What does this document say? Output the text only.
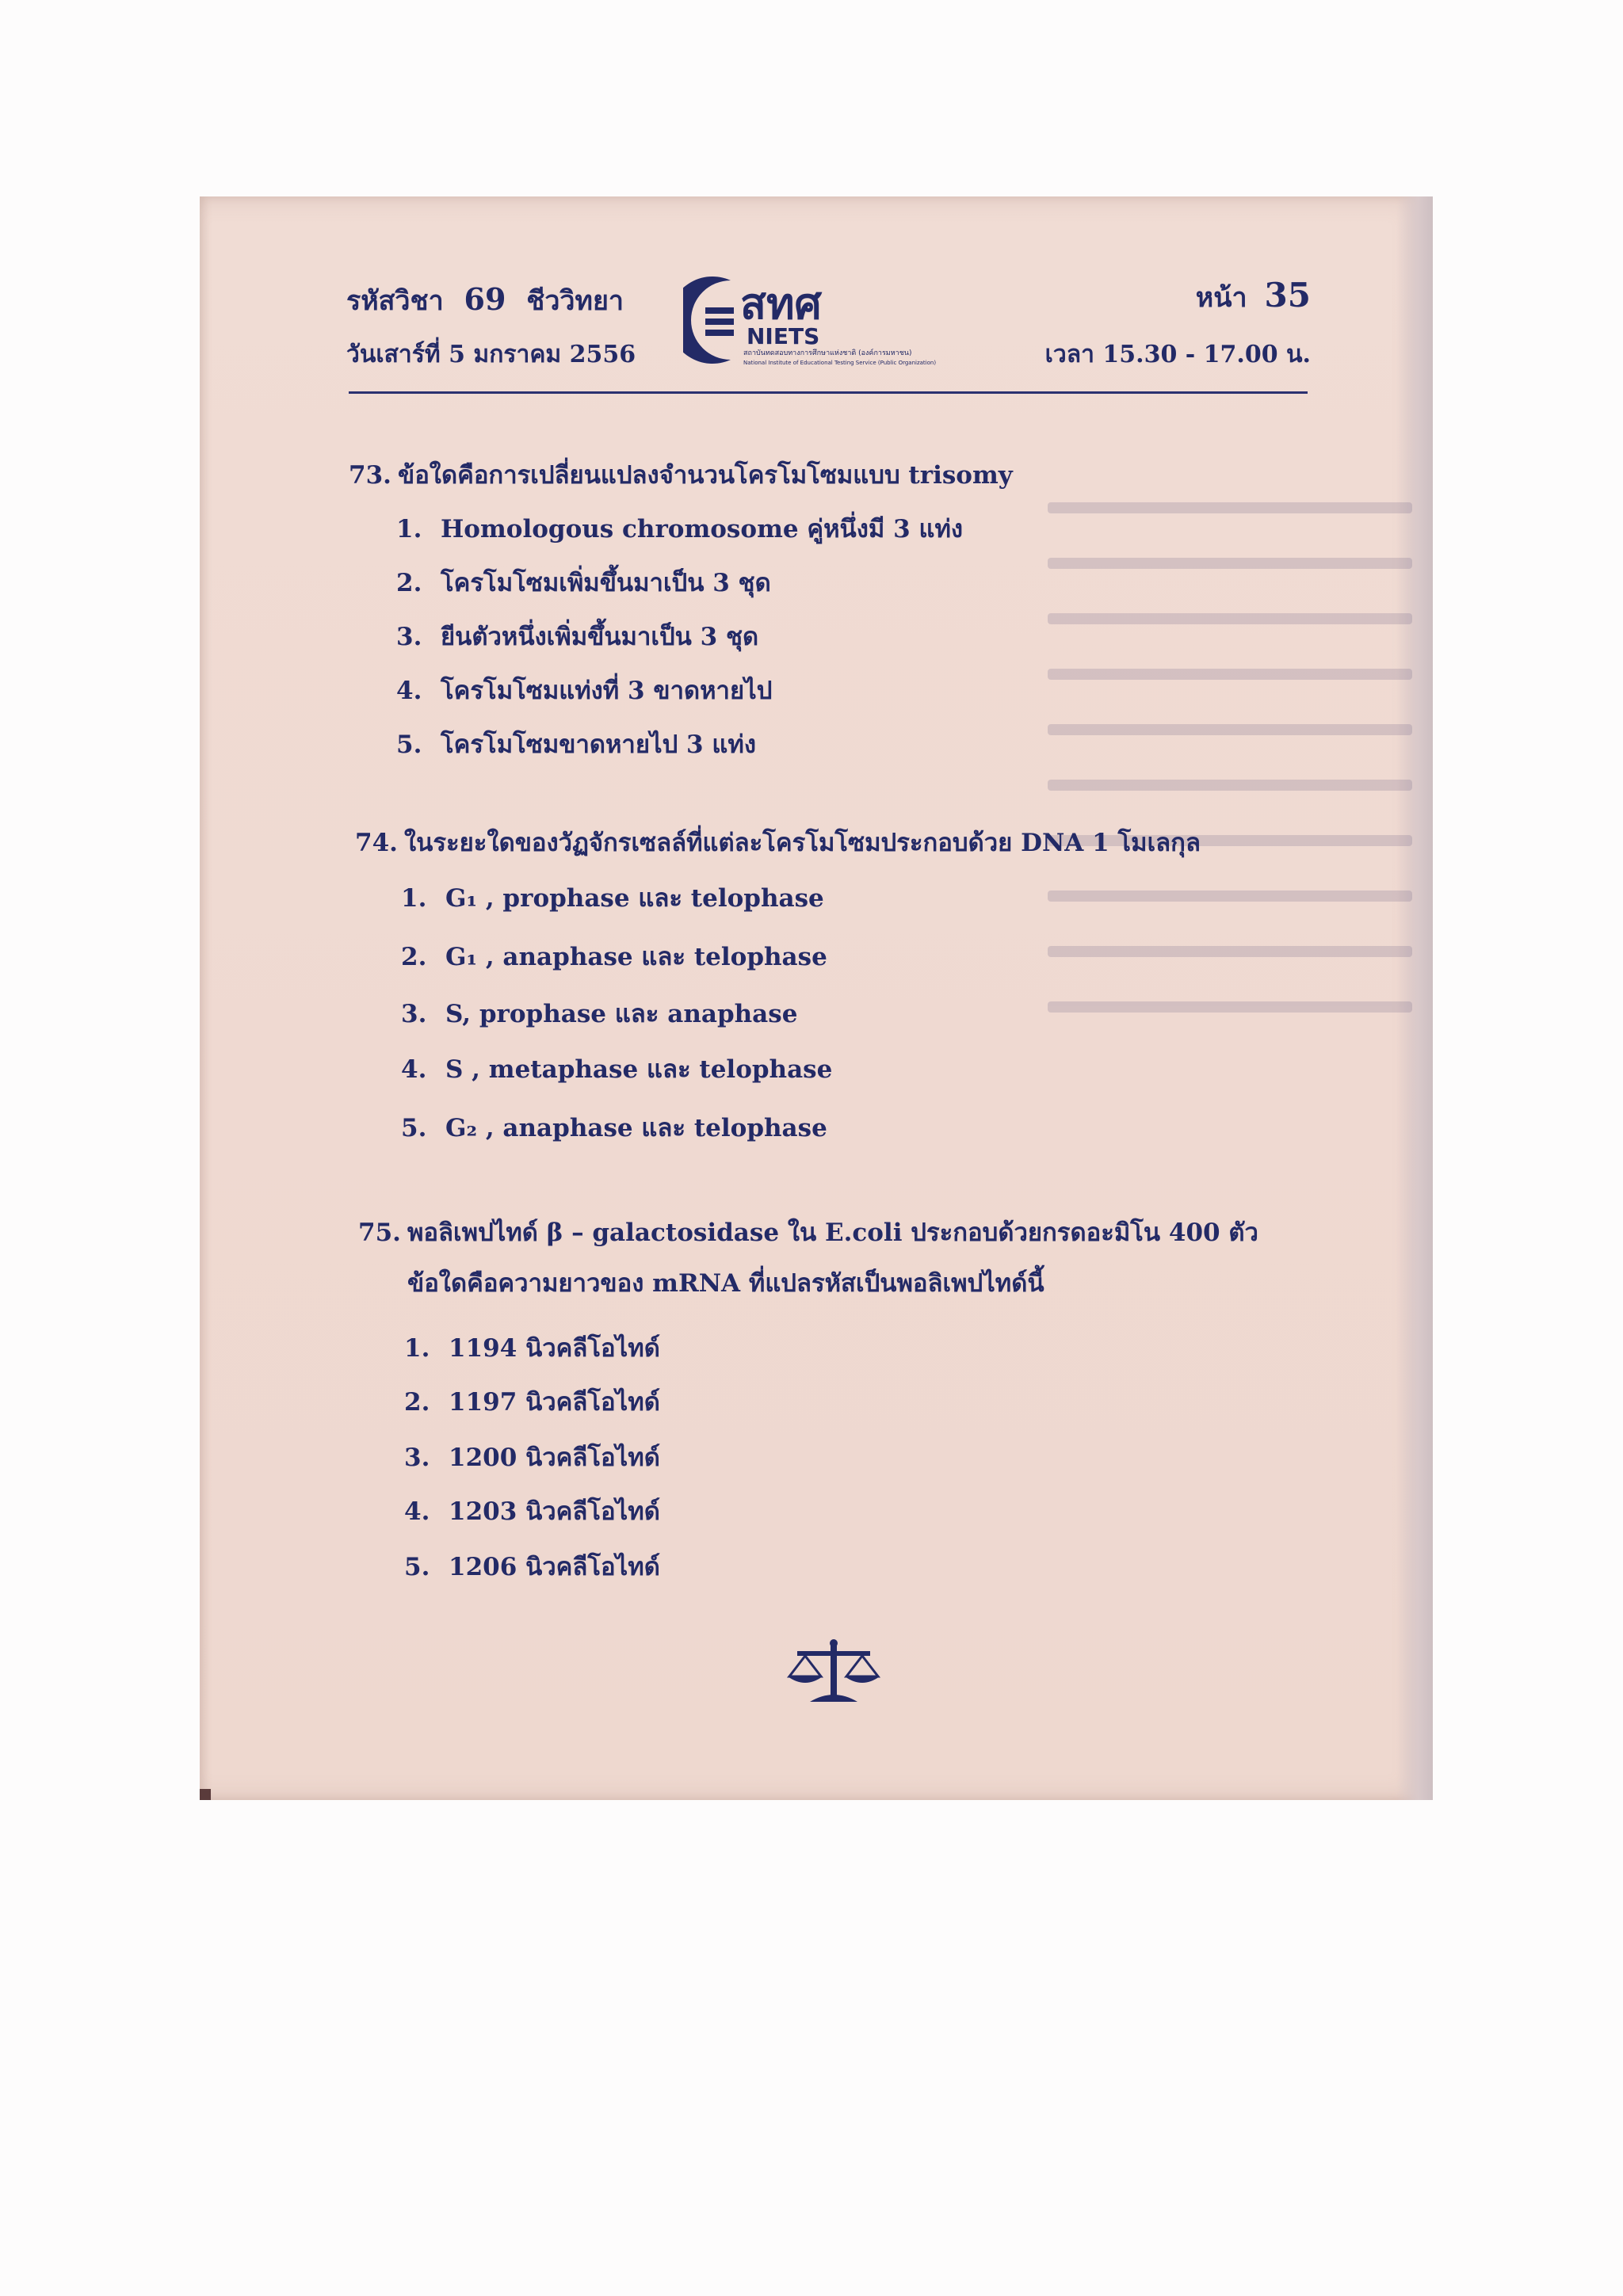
รหัสวิชา 69 ชีววิทยา
วันเสาร์ที่ 5 มกราคม 2556
หน้า 35
เวลา 15.30 - 17.00 น.
สทศ
NIETS
สถาบันทดสอบทางการศึกษาแห่งชาติ (องค์การมหาชน)
National Institute of Educational Testing Service (Public Organization)
73. ข้อใดคือการเปลี่ยนแปลงจำนวนโครโมโซมแบบ trisomy
1. Homologous chromosome คู่หนึ่งมี 3 แท่ง
2. โครโมโซมเพิ่มขึ้นมาเป็น 3 ชุด
3. ยีนตัวหนึ่งเพิ่มขึ้นมาเป็น 3 ชุด
4. โครโมโซมแท่งที่ 3 ขาดหายไป
5. โครโมโซมขาดหายไป 3 แท่ง
74. ในระยะใดของวัฏจักรเซลล์ที่แต่ละโครโมโซมประกอบด้วย DNA 1 โมเลกุล
1. G₁ , prophase และ telophase
2. G₁ , anaphase และ telophase
3. S, prophase และ anaphase
4. S , metaphase และ telophase
5. G₂ , anaphase และ telophase
75. พอลิเพปไทด์ β – galactosidase ใน E.coli ประกอบด้วยกรดอะมิโน 400 ตัว
ข้อใดคือความยาวของ mRNA ที่แปลรหัสเป็นพอลิเพปไทด์นี้
1. 1194 นิวคลีโอไทด์
2. 1197 นิวคลีโอไทด์
3. 1200 นิวคลีโอไทด์
4. 1203 นิวคลีโอไทด์
5. 1206 นิวคลีโอไทด์
